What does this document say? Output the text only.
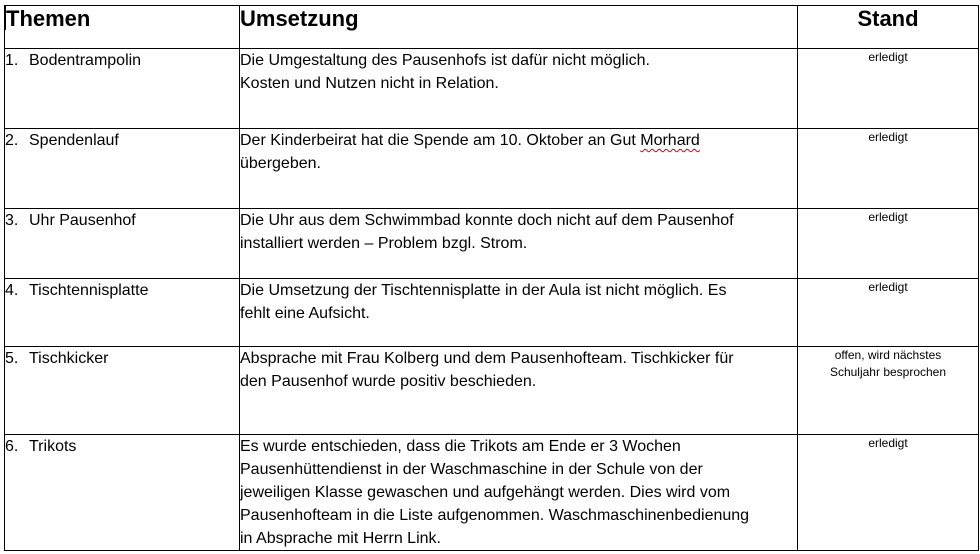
Themen	Umsetzung	Stand
1. Bodentrampolin	Die Umgestaltung des Pausenhofs ist dafür nicht möglich.
Kosten und Nutzen nicht in Relation.	erledigt

2. Spendenlauf	Der Kinderbeirat hat die Spende am 10. Oktober an Gut Morhard
übergeben.	erledigt

3. Uhr Pausenhof	Die Uhr aus dem Schwimmbad konnte doch nicht auf dem Pausenhof
installiert werden – Problem bzgl. Strom.	erledigt

4. Tischtennisplatte	Die Umsetzung der Tischtennisplatte in der Aula ist nicht möglich. Es
fehlt eine Aufsicht.	erledigt

5. Tischkicker	Absprache mit Frau Kolberg und dem Pausenhofteam. Tischkicker für
den Pausenhof wurde positiv beschieden.	offen, wird nächstes
Schuljahr besprochen

6. Trikots	Es wurde entschieden, dass die Trikots am Ende er 3 Wochen
Pausenhüttendienst in der Waschmaschine in der Schule von der
jeweiligen Klasse gewaschen und aufgehängt werden. Dies wird vom
Pausenhofteam in die Liste aufgenommen. Waschmaschinenbedienung
in Absprache mit Herrn Link.	erledigt
